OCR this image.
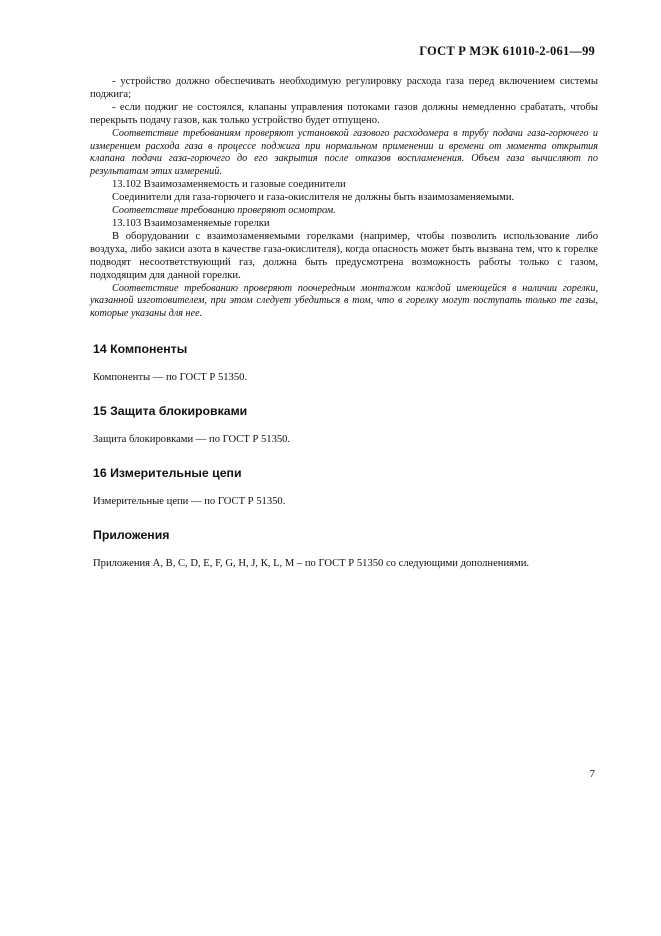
ГОСТ Р МЭК 61010-2-061—99

- устройство должно обеспечивать необходимую регулировку расхода газа перед включением системы поджига;

- если поджиг не состоялся, клапаны управления потоками газов должны немедленно срабатать, чтобы перекрыть подачу газов, как только устройство будет отпущено.

Соответствие требованиям проверяют установкой газового расходомера в трубу подачи газа-горючего и измерением расхода газа в процессе поджига при нормальном применении и времени от момента открытия клапана подачи газа-горючего до его закрытия после отказов воспламенения. Объем газа вычисляют по результатам этих измерений.

13.102 Взаимозаменяемость и газовые соединители

Соединители для газа-горючего и газа-окислителя не должны быть взаимозаменяемыми.

Соответствие требованию проверяют осмотром.

13.103 Взаимозаменяемые горелки

В оборудовании с взаимозаменяемыми горелками (например, чтобы позволить использование либо воздуха, либо закиси азота в качестве газа-окислителя), когда опасность может быть вызвана тем, что к горелке подводят несоответствующий газ, должна быть предусмотрена возможность работы только с газом, подходящим для данной горелки.

Соответствие требованию проверяют поочередным монтажом каждой имеющейся в наличии горелки, указанной изготовителем, при этом следует убедиться в том, что в горелку могут поступать только те газы, которые указаны для нее.

14 Компоненты

Компоненты — по ГОСТ Р 51350.

15 Защита блокировками

Защита блокировками — по ГОСТ Р 51350.

16 Измерительные цепи

Измерительные цепи — по ГОСТ Р 51350.

Приложения

Приложения А, В, С, D, Е, F, G, Н, J, К, L, М – по ГОСТ Р 51350 со следующими дополнениями.

7
